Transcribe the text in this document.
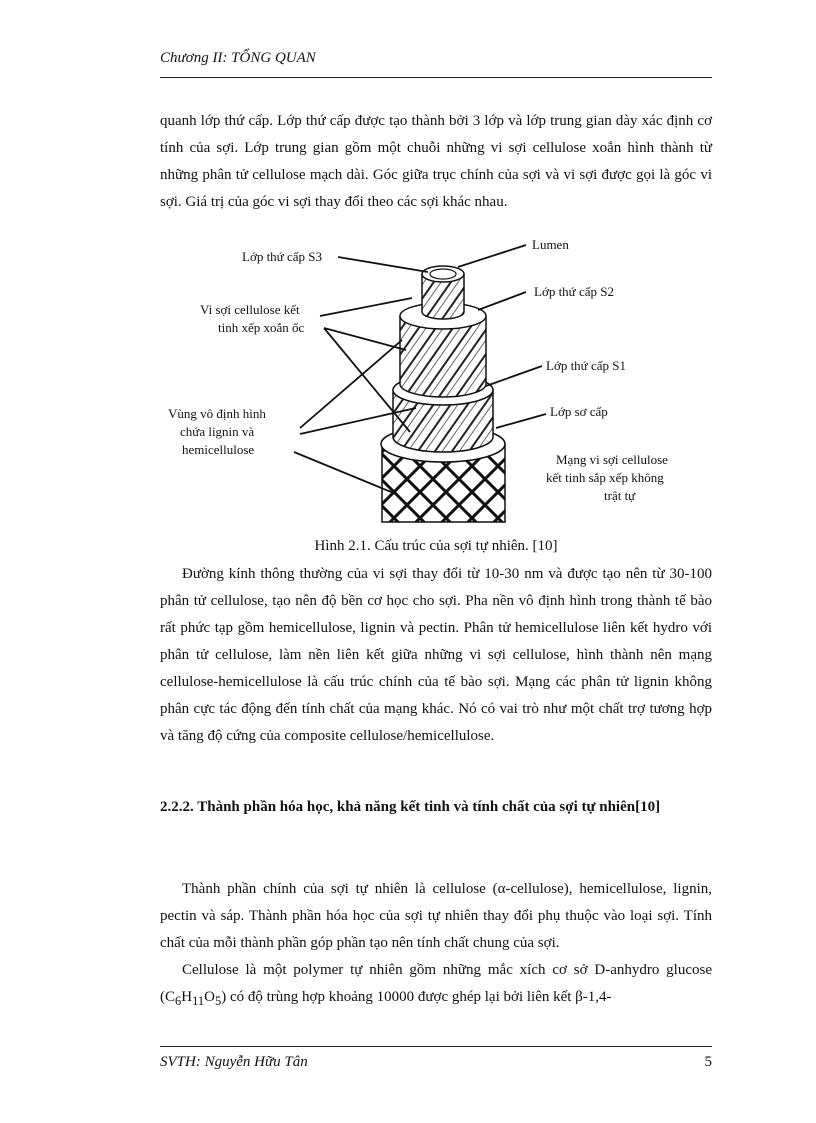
Chương II: TỔNG QUAN

quanh lớp thứ cấp. Lớp thứ cấp được tạo thành bởi 3 lớp và lớp trung gian dày xác định cơ tính của sợi. Lớp trung gian gồm một chuỗi những vi sợi cellulose xoắn hình thành từ những phân tử cellulose mạch dài. Góc giữa trục chính của sợi và vi sợi được gọi là góc vi sợi. Giá trị của góc vi sợi thay đổi theo các sợi khác nhau.

Lớp thứ cấp S3
Lumen
Lớp thứ cấp S2
Vi sợi cellulose kết
tinh xếp xoắn ốc
Lớp thứ cấp S1
Vùng vô định hình
chứa lignin và
hemicellulose
Lớp sơ cấp
Mạng vi sợi cellulose
kết tinh sắp xếp không
trật tự
Hình 2.1. Cấu trúc của sợi tự nhiên. [10]

Đường kính thông thường của vi sợi thay đổi từ 10-30 nm và được tạo nên từ 30-100 phân tử cellulose, tạo nên độ bền cơ học cho sợi. Pha nền vô định hình trong thành tế bào rất phức tạp gồm hemicellulose, lignin và pectin. Phân tử hemicellulose liên kết hydro với phân tử cellulose, làm nền liên kết giữa những vi sợi cellulose, hình thành nên mạng cellulose-hemicellulose là cấu trúc chính của tế bào sợi. Mạng các phân tử lignin không phân cực tác động đến tính chất của mạng khác. Nó có vai trò như một chất trợ tương hợp và tăng độ cứng của composite cellulose/hemicellulose.

2.2.2. Thành phần hóa học, khả năng kết tinh và tính chất của sợi tự nhiên[10]

Thành phần chính của sợi tự nhiên là cellulose (α-cellulose), hemicellulose, lignin, pectin và sáp. Thành phần hóa học của sợi tự nhiên thay đổi phụ thuộc vào loại sợi. Tính chất của mỗi thành phần góp phần tạo nên tính chất chung của sợi.

Cellulose là một polymer tự nhiên gồm những mắc xích cơ sở D-anhydro glucose $(C_6H_{11}O_5)$ có độ trùng hợp khoảng 10000 được ghép lại bởi liên kết β-1,4-

SVTH: Nguyễn Hữu Tân	5
